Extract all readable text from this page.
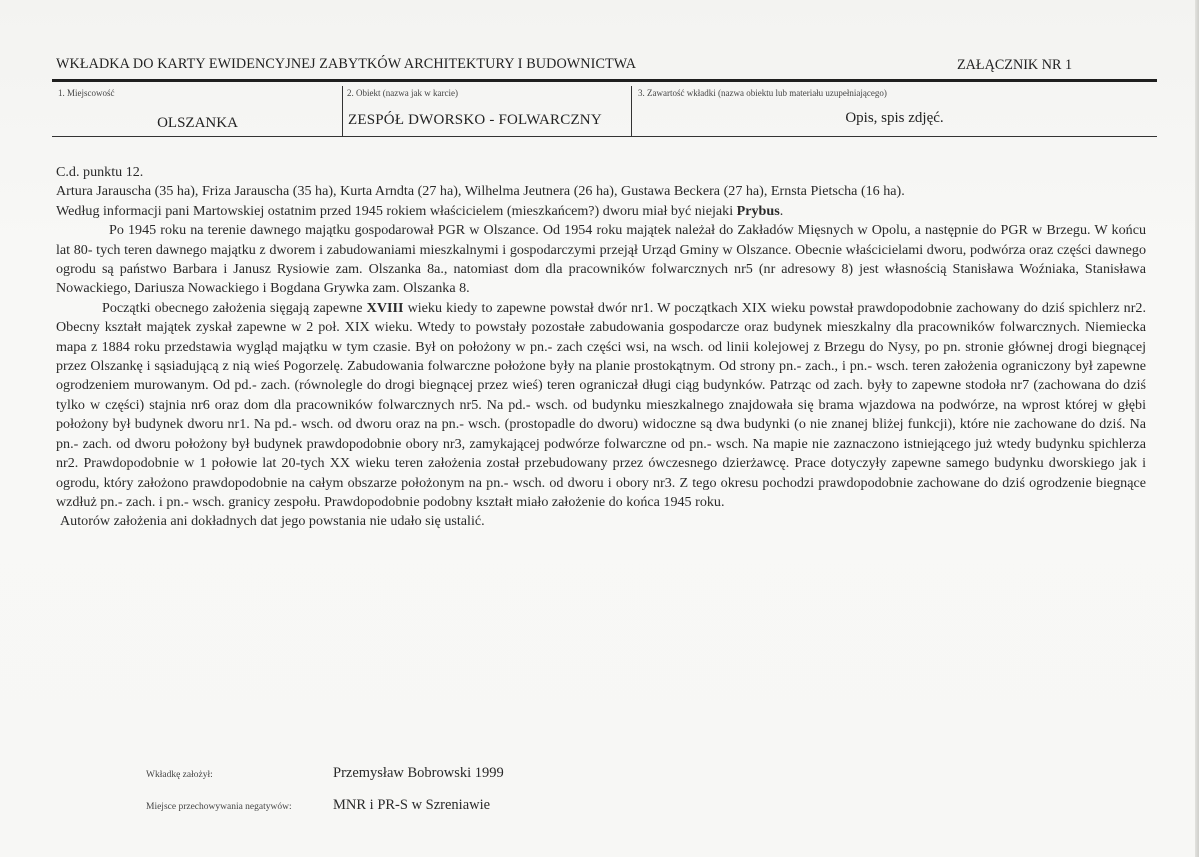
WKŁADKA DO KARTY EWIDENCYJNEJ ZABYTKÓW ARCHITEKTURY I BUDOWNICTWA	ZAŁĄCZNIK NR 1
1. Miejscowość
OLSZANKA
2. Obiekt (nazwa jak w karcie)
ZESPÓŁ DWORSKO - FOLWARCZNY
3. Zawartość wkładki (nazwa obiektu lub materiału uzupełniającego)
Opis, spis zdjęć.

C.d. punktu 12.
Artura Jarauscha (35 ha), Friza Jarauscha (35 ha), Kurta Arndta (27 ha), Wilhelma Jeutnera (26 ha), Gustawa Beckera (27 ha), Ernsta Pietscha (16 ha).
Według informacji pani Martowskiej ostatnim przed 1945 rokiem właścicielem (mieszkańcem?) dworu miał być niejaki Prybus.

Po 1945 roku na terenie dawnego majątku gospodarował PGR w Olszance. Od 1954 roku majątek należał do Zakładów Mięsnych w Opolu, a następnie do PGR w Brzegu. W końcu lat 80- tych teren dawnego majątku z dworem i zabudowaniami mieszkalnymi i gospodarczymi przejął Urząd Gminy w Olszance. Obecnie właścicielami dworu, podwórza oraz części dawnego ogrodu są państwo Barbara i Janusz Rysiowie zam. Olszanka 8a., natomiast dom dla pracowników folwarcznych nr5 (nr adresowy 8) jest własnością Stanisława Woźniaka, Stanisława Nowackiego, Dariusza Nowackiego i Bogdana Grywka zam. Olszanka 8.

Początki obecnego założenia sięgają zapewne XVIII wieku kiedy to zapewne powstał dwór nr1. W początkach XIX wieku powstał prawdopodobnie zachowany do dziś spichlerz nr2. Obecny kształt majątek zyskał zapewne w 2 poł. XIX wieku. Wtedy to powstały pozostałe zabudowania gospodarcze oraz budynek mieszkalny dla pracowników folwarcznych. Niemiecka mapa z 1884 roku przedstawia wygląd majątku w tym czasie. Był on położony w pn.- zach części wsi, na wsch. od linii kolejowej z Brzegu do Nysy, po pn. stronie głównej drogi biegnącej przez Olszankę i sąsiadującą z nią wieś Pogorzelę. Zabudowania folwarczne położone były na planie prostokątnym. Od strony pn.- zach., i pn.- wsch. teren założenia ograniczony był zapewne ogrodzeniem murowanym. Od pd.- zach. (równolegle do drogi biegnącej przez wieś) teren ograniczał długi ciąg budynków. Patrząc od zach. były to zapewne stodoła nr7 (zachowana do dziś tylko w części) stajnia nr6 oraz dom dla pracowników folwarcznych nr5. Na pd.- wsch. od budynku mieszkalnego znajdowała się brama wjazdowa na podwórze, na wprost której w głębi położony był budynek dworu nr1. Na pd.- wsch. od dworu oraz na pn.- wsch. (prostopadle do dworu) widoczne są dwa budynki (o nie znanej bliżej funkcji), które nie zachowane do dziś. Na pn.- zach. od dworu położony był budynek prawdopodobnie obory nr3, zamykającej podwórze folwarczne od pn.- wsch. Na mapie nie zaznaczono istniejącego już wtedy budynku spichlerza nr2. Prawdopodobnie w 1 połowie lat 20-tych XX wieku teren założenia został przebudowany przez ówczesnego dzierżawcę. Prace dotyczyły zapewne samego budynku dworskiego jak i ogrodu, który założono prawdopodobnie na całym obszarze położonym na pn.- wsch. od dworu i obory nr3. Z tego okresu pochodzi prawdopodobnie zachowane do dziś ogrodzenie biegnące wzdłuż pn.- zach. i pn.- wsch. granicy zespołu. Prawdopodobnie podobny kształt miało założenie do końca 1945 roku.

Autorów założenia ani dokładnych dat jego powstania nie udało się ustalić.

Wkładkę założył:	Przemysław Bobrowski 1999
Miejsce przechowywania negatywów:	MNR i PR-S w Szreniawie
